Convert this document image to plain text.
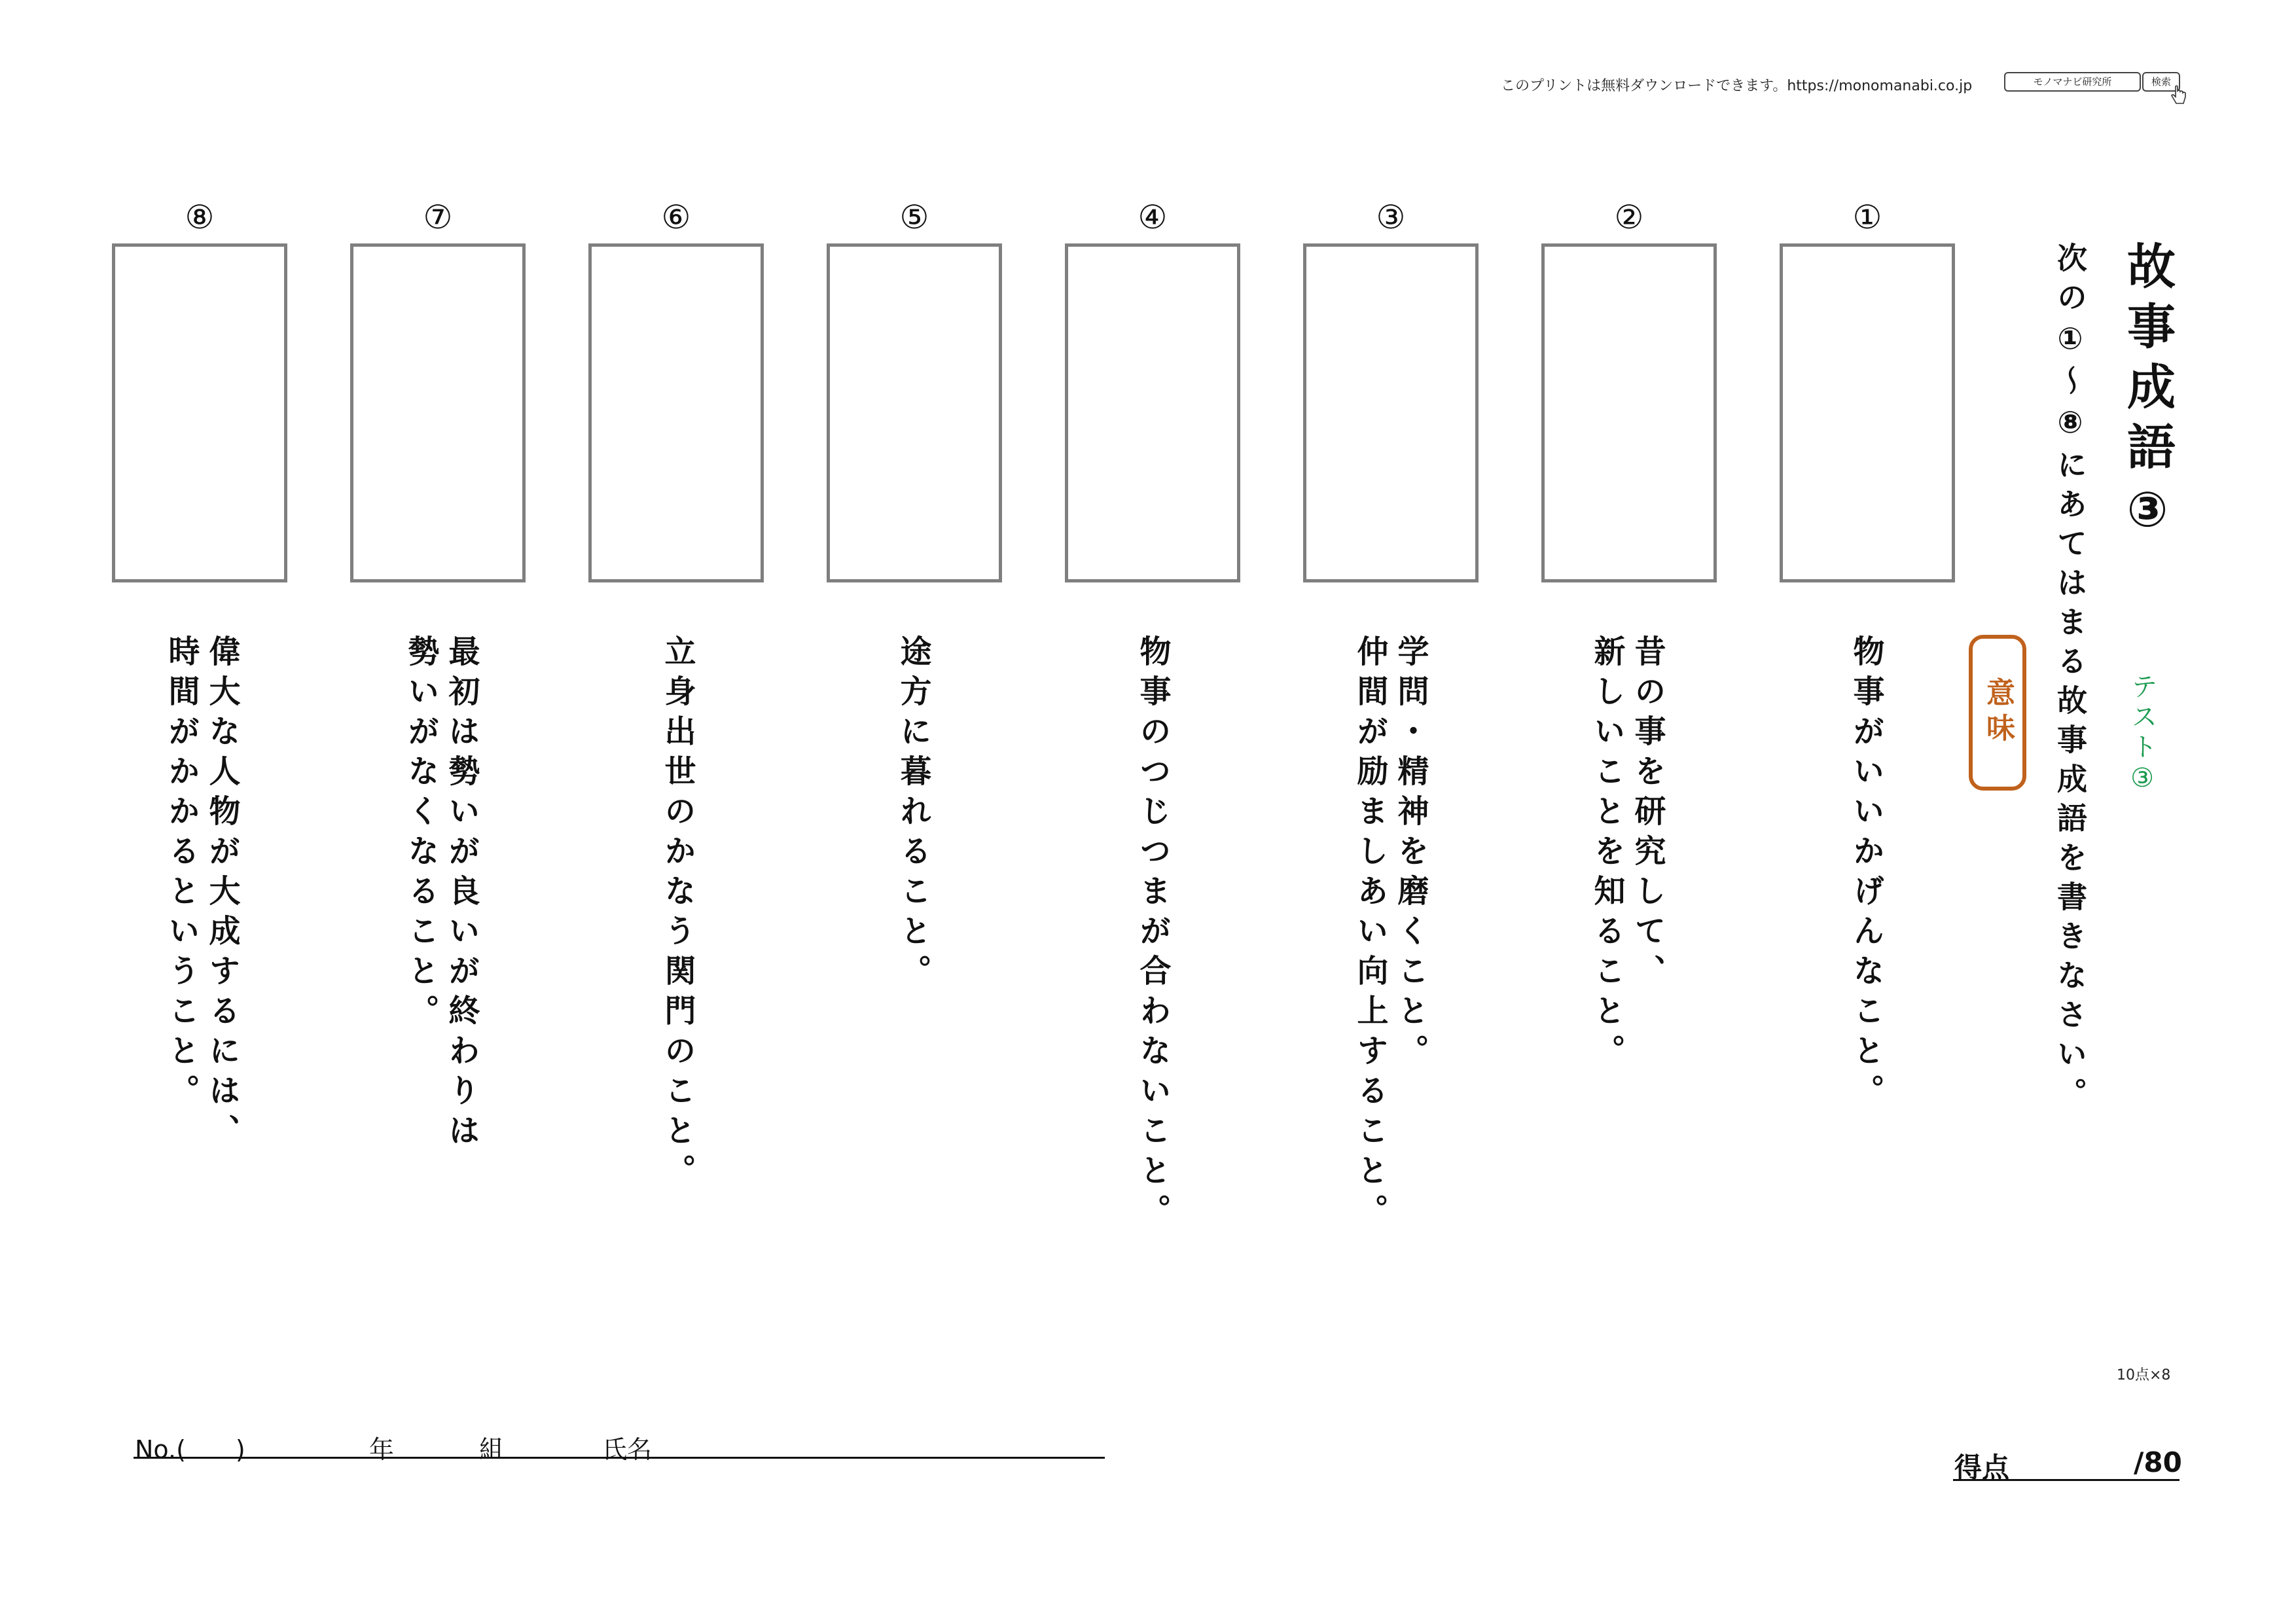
このプリントは無料ダウンロードできます。https://monomanabi.co.jp	モノマナビ研究所	検索
故事成語③
次の①～⑧にあてはまる故事成語を書きなさい。 テスト③
意味
①
物事がいいかげんなこと。
②
昔の事を研究して、
新しいことを知ること。
③
学問・精神を磨くこと。
仲間が励ましあい向上すること。
④
物事のつじつまが合わないこと。
⑤
途方に暮れること。
⑥
立身出世のかなう関門のこと。
⑦
最初は勢いが良いが終わりは
勢いがなくなること。
⑧
偉大な人物が大成するには、
時間がかかるということ。
10点×8
No.(　　)	年	組	氏名
得点	/80
